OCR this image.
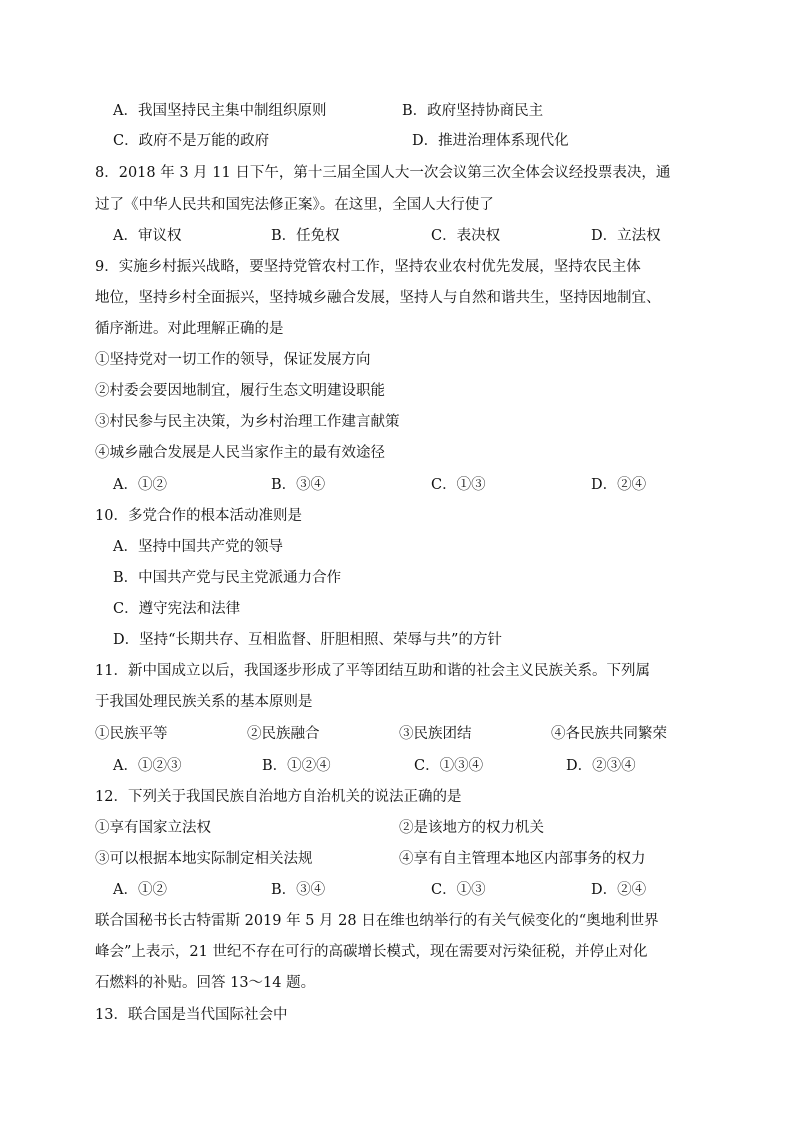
A．我国坚持民主集中制组织原则	B．政府坚持协商民主
C．政府不是万能的政府	D．推进治理体系现代化
8．2018 年 3 月 11 日下午，第十三届全国人大一次会议第三次全体会议经投票表决，通
过了《中华人民共和国宪法修正案》。在这里，全国人大行使了
A．审议权	B．任免权	C．表决权	D．立法权
9．实施乡村振兴战略，要坚持党管农村工作，坚持农业农村优先发展，坚持农民主体
地位，坚持乡村全面振兴，坚持城乡融合发展，坚持人与自然和谐共生，坚持因地制宜、
循序渐进。对此理解正确的是
①坚持党对一切工作的领导，保证发展方向
②村委会要因地制宜，履行生态文明建设职能
③村民参与民主决策，为乡村治理工作建言献策
④城乡融合发展是人民当家作主的最有效途径
A．①②	B．③④	C．①③	D．②④
10．多党合作的根本活动准则是
A．坚持中国共产党的领导
B．中国共产党与民主党派通力合作
C．遵守宪法和法律
D．坚持“长期共存、互相监督、肝胆相照、荣辱与共”的方针
11．新中国成立以后，我国逐步形成了平等团结互助和谐的社会主义民族关系。下列属
于我国处理民族关系的基本原则是
①民族平等	②民族融合	③民族团结	④各民族共同繁荣
A．①②③	B．①②④	C．①③④	D．②③④
12．下列关于我国民族自治地方自治机关的说法正确的是
①享有国家立法权	②是该地方的权力机关
③可以根据本地实际制定相关法规	④享有自主管理本地区内部事务的权力
A．①②	B．③④	C．①③	D．②④
联合国秘书长古特雷斯 2019 年 5 月 28 日在维也纳举行的有关气候变化的“奥地利世界
峰会”上表示，21 世纪不存在可行的高碳增长模式，现在需要对污染征税，并停止对化
石燃料的补贴。回答 13～14 题。
13．联合国是当代国际社会中
